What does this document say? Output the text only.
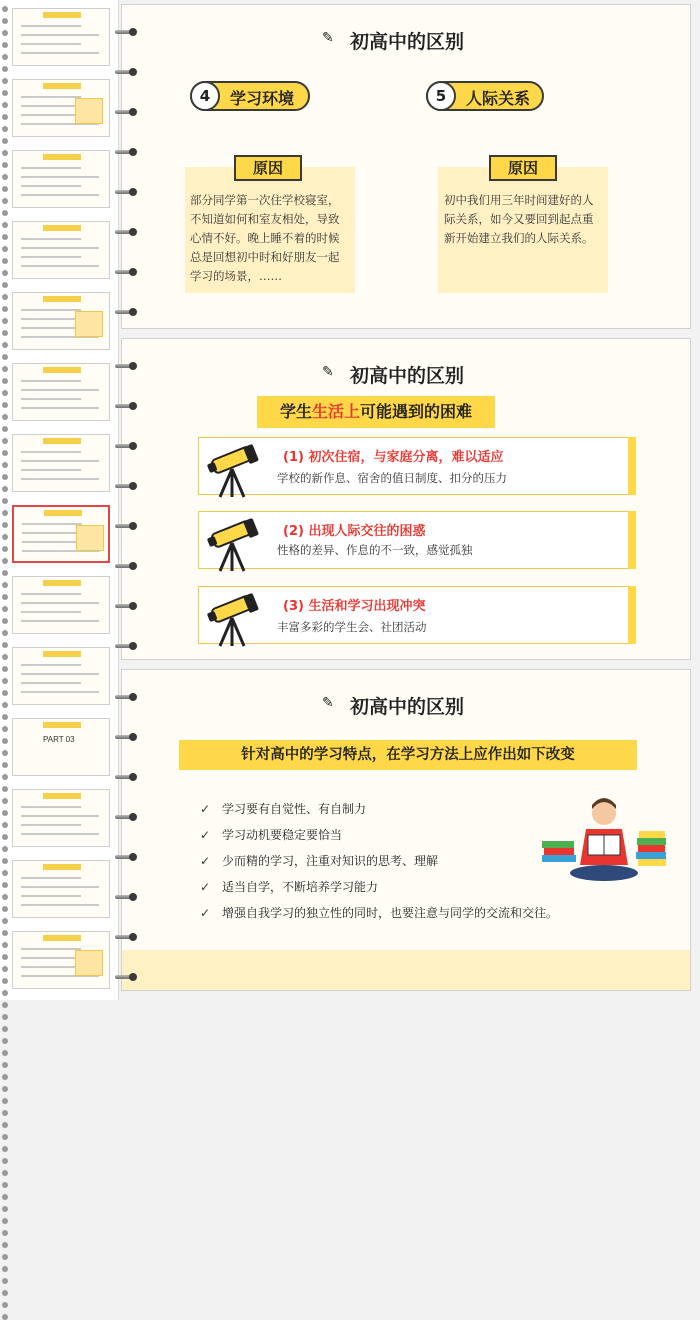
PART 03
✎ 初高中的区别
4	学习环境	5	人际关系
原因
部分同学第一次住学校寝室，不知道如何和室友相处，导致心情不好。晚上睡不着的时候总是回想初中时和好朋友一起学习的场景，……
原因
初中我们用三年时间建好的人际关系，如今又要回到起点重新开始建立我们的人际关系。
✎ 初高中的区别
学生生活上可能遇到的困难
(1) 初次住宿，与家庭分离，难以适应
学校的新作息、宿舍的值日制度、扣分的压力
(2) 出现人际交往的困惑
性格的差异、作息的不一致，感觉孤独
(3) 生活和学习出现冲突
丰富多彩的学生会、社团活动
✎ 初高中的区别
针对高中的学习特点，在学习方法上应作出如下改变
✓ 学习要有自觉性、有自制力
✓ 学习动机要稳定要恰当
✓ 少而精的学习，注重对知识的思考、理解
✓ 适当自学，不断培养学习能力
✓ 增强自我学习的独立性的同时，也要注意与同学的交流和交往。
